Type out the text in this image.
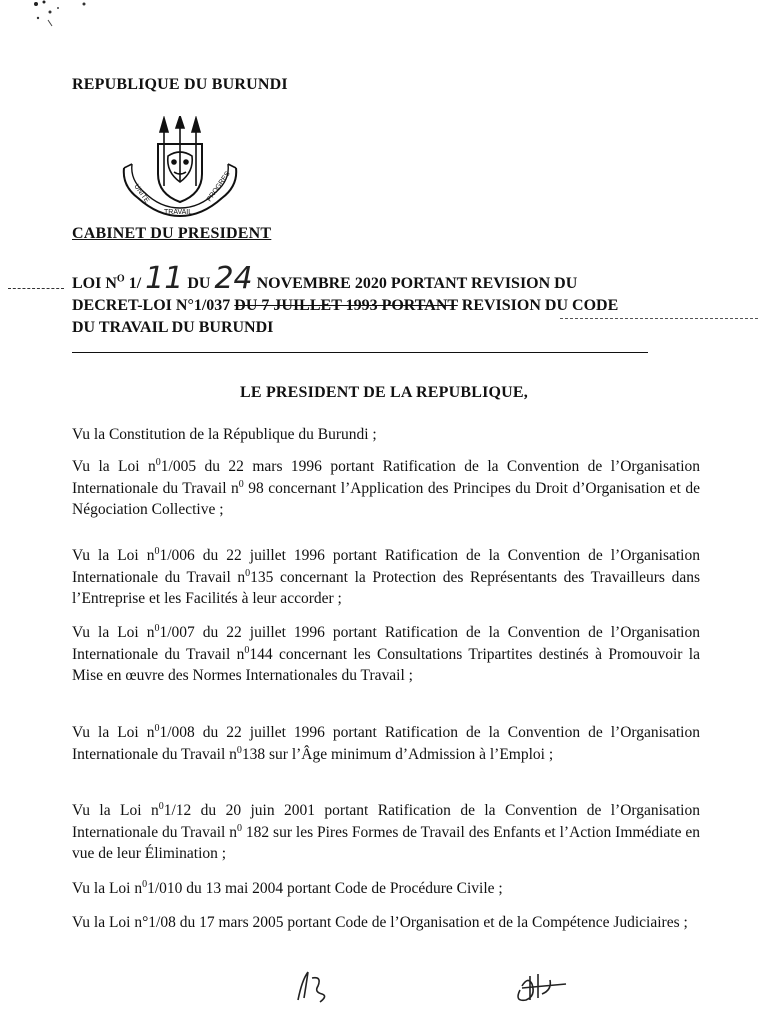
REPUBLIQUE DU BURUNDI
UNITE
TRAVAIL
PROGRES
CABINET DU PRESIDENT
LOI $N^O$ 1/ 11 DU 24 NOVEMBRE 2020 PORTANT REVISION DU
DECRET-LOI N°1/037 DU 7 JUILLET 1993 PORTANT REVISION DU CODE
DU TRAVAIL DU BURUNDI
LE PRESIDENT DE LA REPUBLIQUE,
Vu la Constitution de la République du Burundi ;
Vu la Loi $n^01/005$ du 22 mars 1996 portant Ratification de la Convention de l’Organisation Internationale du Travail $n^0$ 98 concernant l’Application des Principes du Droit d’Organisation et de Négociation Collective ;
Vu la Loi $n^01/006$ du 22 juillet 1996 portant Ratification de la Convention de l’Organisation Internationale du Travail $n^0135$ concernant la Protection des Représentants des Travailleurs dans l’Entreprise et les Facilités à leur accorder ;
Vu la Loi $n^01/007$ du 22 juillet 1996 portant Ratification de la Convention de l’Organisation Internationale du Travail $n^0144$ concernant les Consultations Tripartites destinés à Promouvoir la Mise en œuvre des Normes Internationales du Travail ;
Vu la Loi $n^01/008$ du 22 juillet 1996 portant Ratification de la Convention de l’Organisation Internationale du Travail $n^0138$ sur l’Âge minimum d’Admission à l’Emploi ;
Vu la Loi $n^01/12$ du 20 juin 2001 portant Ratification de la Convention de l’Organisation Internationale du Travail $n^0$ 182 sur les Pires Formes de Travail des Enfants et l’Action Immédiate en vue de leur Élimination ;
Vu la Loi $n^01/010$ du 13 mai 2004 portant Code de Procédure Civile ;
Vu la Loi n°1/08 du 17 mars 2005 portant Code de l’Organisation et de la Compétence Judiciaires ;
